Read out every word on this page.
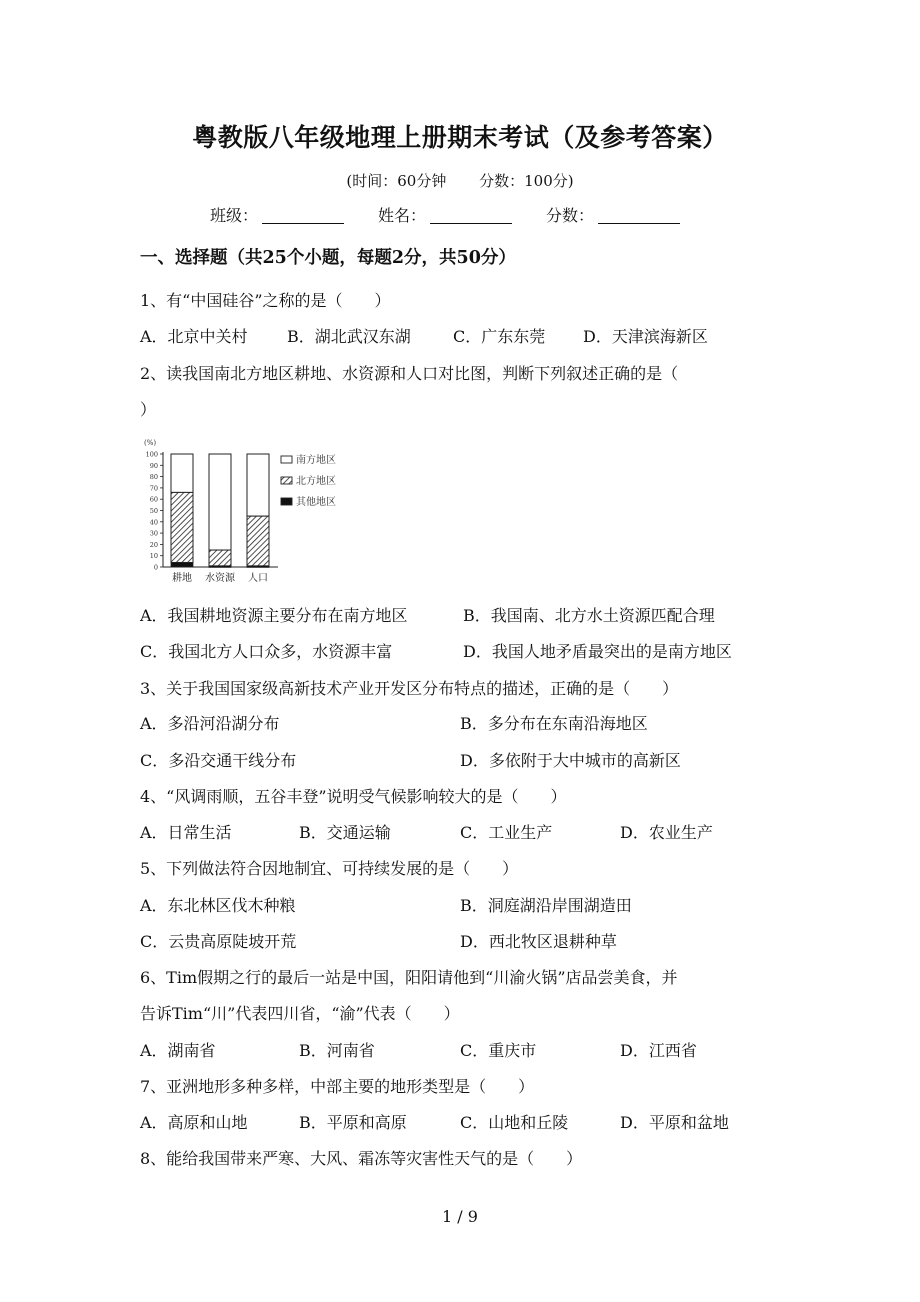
粤教版八年级地理上册期末考试（及参考答案）
(时间：60分钟 分数：100分)
班级：	姓名：	分数：
一、选择题（共25个小题，每题2分，共50分）
1、有“中国硅谷”之称的是（　　）
A．北京中关村 B．湖北武汉东湖	C．广东东莞 D．天津滨海新区
2、读我国南北方地区耕地、水资源和人口对比图，判断下列叙述正确的是（
）
(%)
100
90
80
70
60
50
40
30
20
10
0
耕地 水资源 人口
南方地区
北方地区
其他地区
A．我国耕地资源主要分布在南方地区	B．我国南、北方水土资源匹配合理
C．我国北方人口众多，水资源丰富	D．我国人地矛盾最突出的是南方地区
3、关于我国国家级高新技术产业开发区分布特点的描述，正确的是（　　）
A．多沿河沿湖分布	B．多分布在东南沿海地区
C．多沿交通干线分布	D．多依附于大中城市的高新区
4、“风调雨顺，五谷丰登”说明受气候影响较大的是（　　）
A．日常生活	B．交通运输	C．工业生产	D．农业生产
5、下列做法符合因地制宜、可持续发展的是（　　）
A．东北林区伐木种粮	B．洞庭湖沿岸围湖造田
C．云贵高原陡坡开荒	D．西北牧区退耕种草
6、Tim假期之行的最后一站是中国，阳阳请他到“川渝火锅”店品尝美食，并
告诉Tim“川”代表四川省，“渝”代表（　　）
A．湖南省	B．河南省	C．重庆市	D．江西省
7、亚洲地形多种多样，中部主要的地形类型是（　　）
A．高原和山地	B．平原和高原	C．山地和丘陵	D．平原和盆地
8、能给我国带来严寒、大风、霜冻等灾害性天气的是（　　）
1 / 9
